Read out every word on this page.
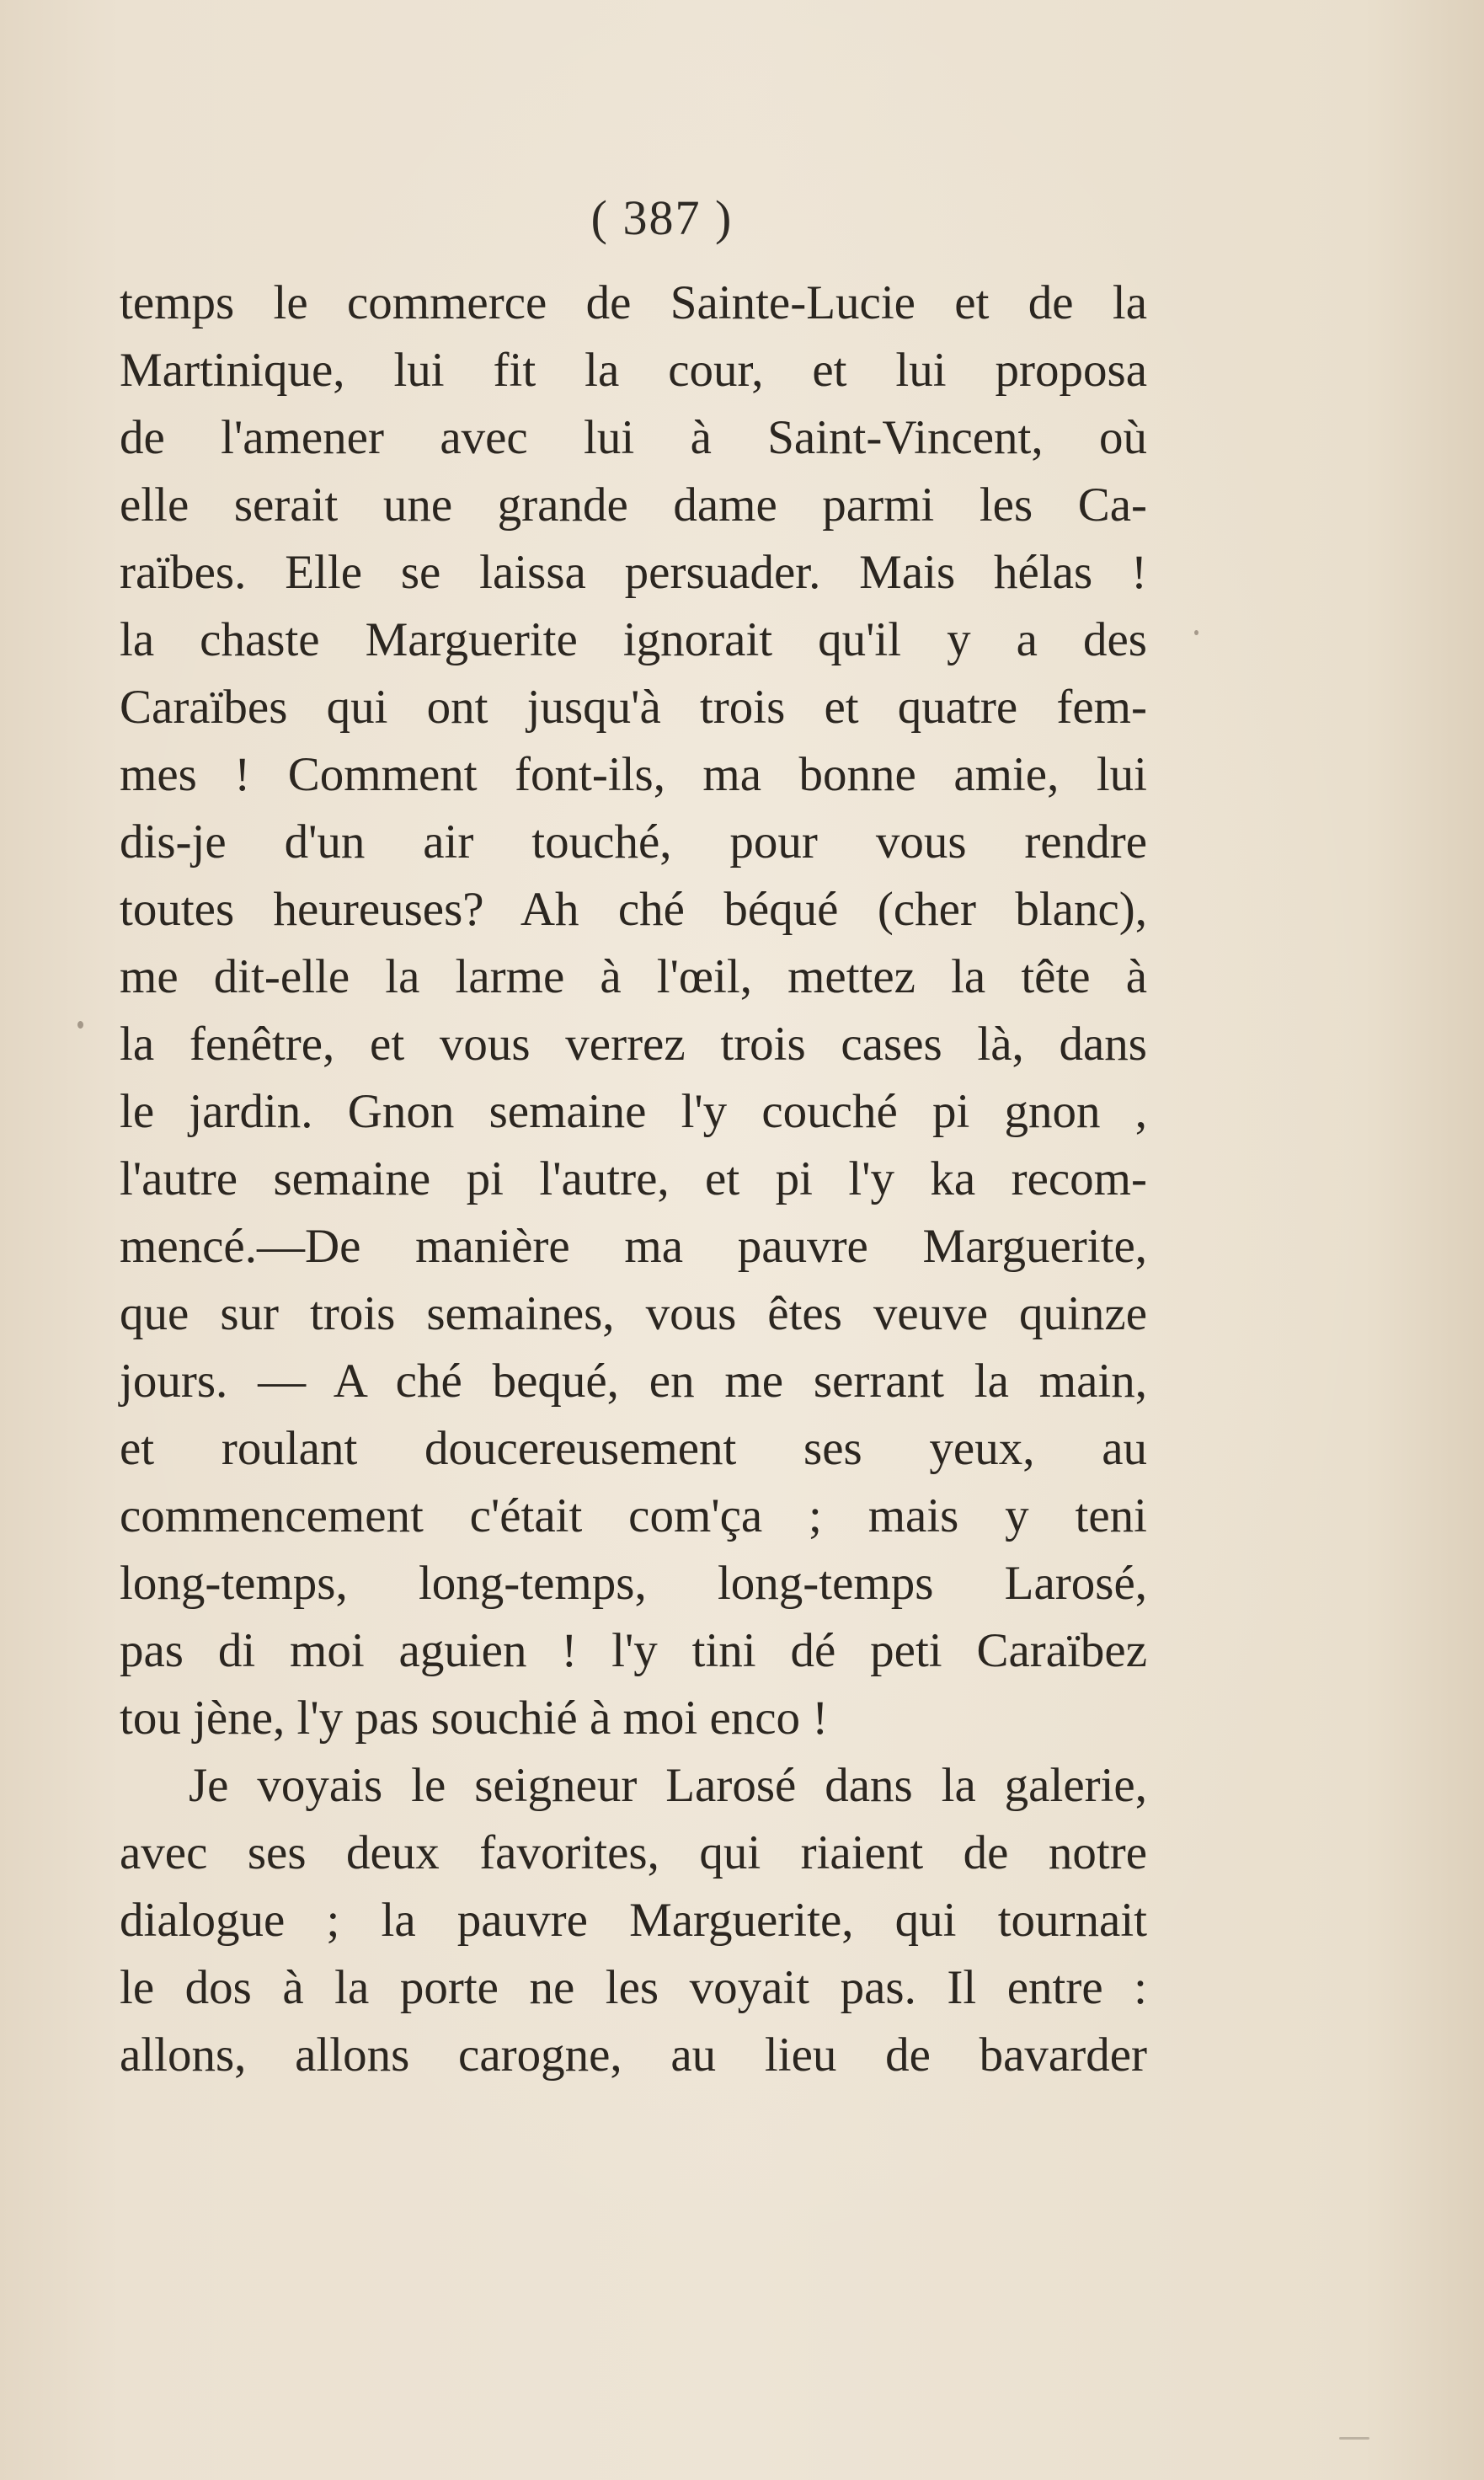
( 387 )
temps le commerce de Sainte-Lucie et de la
Martinique, lui fit la cour, et lui proposa
de l'amener avec lui à Saint-Vincent, où
elle serait une grande dame parmi les Ca-
raïbes. Elle se laissa persuader. Mais hélas !
la chaste Marguerite ignorait qu'il y a des
Caraïbes qui ont jusqu'à trois et quatre fem-
mes ! Comment font-ils, ma bonne amie, lui
dis-je d'un air touché, pour vous rendre
toutes heureuses? Ah ché béqué (cher blanc),
me dit-elle la larme à l'œil, mettez la tête à
la fenêtre, et vous verrez trois cases là, dans
le jardin. Gnon semaine l'y couché pi gnon ,
l'autre semaine pi l'autre, et pi l'y ka recom-
mencé.—De manière ma pauvre Marguerite,
que sur trois semaines, vous êtes veuve quinze
jours. — A ché bequé, en me serrant la main,
et roulant doucereusement ses yeux, au
commencement c'était com'ça ; mais y teni
long-temps, long-temps, long-temps Larosé,
pas di moi aguien ! l'y tini dé peti Caraïbez
tou jène, l'y pas souchié à moi enco !
Je voyais le seigneur Larosé dans la galerie,
avec ses deux favorites, qui riaient de notre
dialogue ; la pauvre Marguerite, qui tournait
le dos à la porte ne les voyait pas. Il entre :
allons, allons carogne, au lieu de bavarder
